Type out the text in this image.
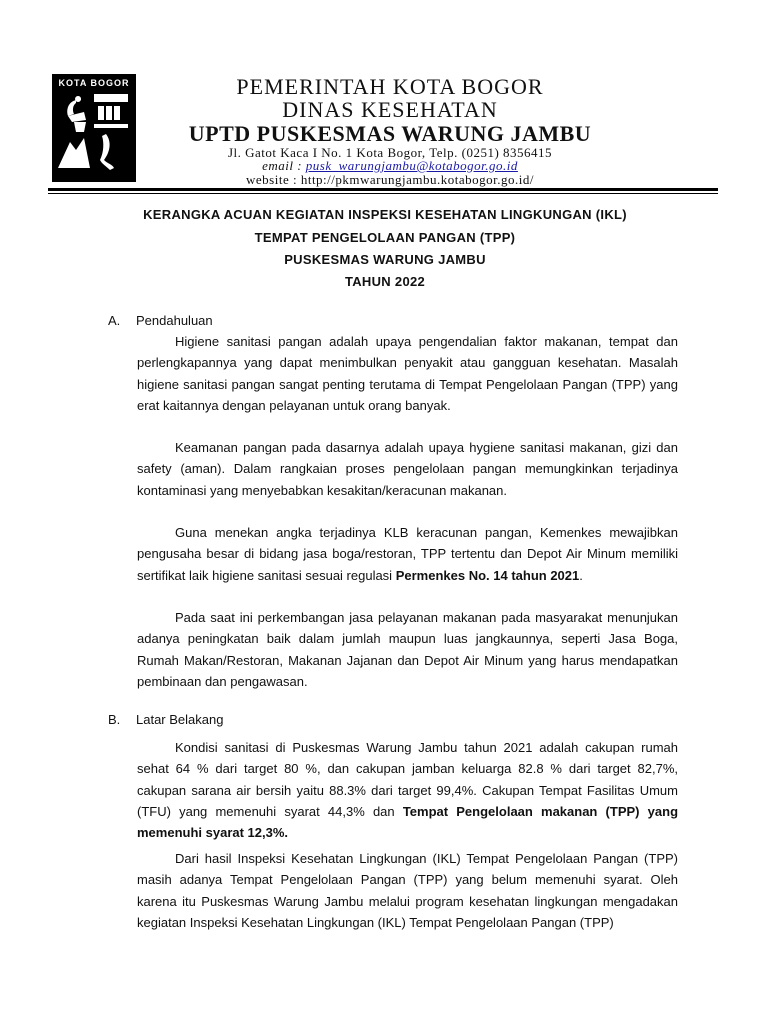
KOTA BOGOR	PEMERINTAH KOTA BOGOR
DINAS KESEHATAN
UPTD PUSKESMAS WARUNG JAMBU
Jl. Gatot Kaca I No. 1 Kota Bogor, Telp. (0251) 8356415
email : pusk_warungjambu@kotabogor.go.id
website : http://pkmwarungjambu.kotabogor.go.id/
KERANGKA ACUAN KEGIATAN INSPEKSI KESEHATAN LINGKUNGAN (IKL)
TEMPAT PENGELOLAAN PANGAN (TPP)
PUSKESMAS WARUNG JAMBU
TAHUN 2022
A. Pendahuluan
Higiene sanitasi pangan adalah upaya pengendalian faktor makanan, tempat dan perlengkapannya yang dapat menimbulkan penyakit atau gangguan kesehatan. Masalah higiene sanitasi pangan sangat penting terutama di Tempat Pengelolaan Pangan (TPP) yang erat kaitannya dengan pelayanan untuk orang banyak.
Keamanan pangan pada dasarnya adalah upaya hygiene sanitasi makanan, gizi dan safety (aman). Dalam rangkaian proses pengelolaan pangan memungkinkan terjadinya kontaminasi yang menyebabkan kesakitan/keracunan makanan.
Guna menekan angka terjadinya KLB keracunan pangan, Kemenkes mewajibkan pengusaha besar di bidang jasa boga/restoran, TPP tertentu dan Depot Air Minum memiliki sertifikat laik higiene sanitasi sesuai regulasi Permenkes No. 14 tahun 2021.
Pada saat ini perkembangan jasa pelayanan makanan pada masyarakat menunjukan adanya peningkatan baik dalam jumlah maupun luas jangkaunnya, seperti Jasa Boga, Rumah Makan/Restoran, Makanan Jajanan dan Depot Air Minum yang harus mendapatkan pembinaan dan pengawasan.
B. Latar Belakang
Kondisi sanitasi di Puskesmas Warung Jambu tahun 2021 adalah cakupan rumah sehat 64 % dari target 80 %, dan cakupan jamban keluarga 82.8 % dari target 82,7%, cakupan sarana air bersih yaitu 88.3% dari target 99,4%. Cakupan Tempat Fasilitas Umum (TFU) yang memenuhi syarat 44,3% dan Tempat Pengelolaan makanan (TPP) yang memenuhi syarat 12,3%.
Dari hasil Inspeksi Kesehatan Lingkungan (IKL) Tempat Pengelolaan Pangan (TPP) masih adanya Tempat Pengelolaan Pangan (TPP) yang belum memenuhi syarat. Oleh karena itu Puskesmas Warung Jambu melalui program kesehatan lingkungan mengadakan kegiatan Inspeksi Kesehatan Lingkungan (IKL) Tempat Pengelolaan Pangan (TPP)
